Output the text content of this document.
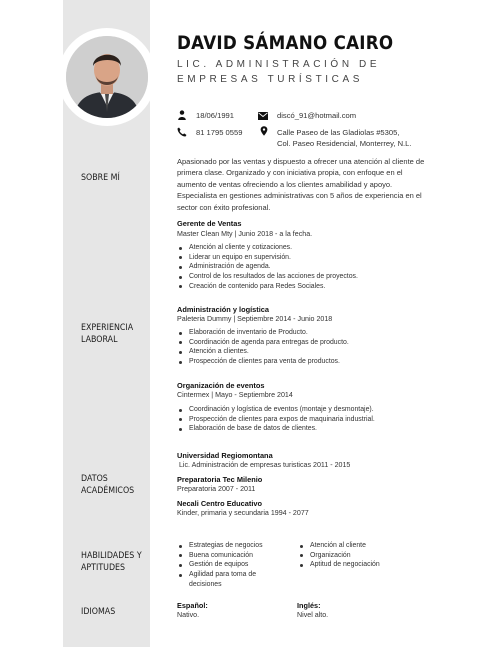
DAVID SÁMANO CAIRO
LIC. ADMINISTRACIÓN DE EMPRESAS TURÍSTICAS
18/06/1991	discó_91@hotmail.com
81 1795 0559	Calle Paseo de las Gladiolas #5305,
Col. Paseo Residencial, Monterrey, N.L.
SOBRE MÍ
EXPERIENCIA
LABORAL
DATOS
ACADÉMICOS
HABILIDADES Y
APTITUDES
IDIOMAS
Apasionado por las ventas y dispuesto a ofrecer una atención al cliente de primera clase. Organizado y con iniciativa propia, con enfoque en el aumento de ventas ofreciendo a los clientes amabilidad y apoyo. Especialista en gestiones administrativas con 5 años de experiencia en el sector con éxito profesional.
Gerente de Ventas
Master Clean Mty | Junio 2018 - a la fecha.
Atención al cliente y cotizaciones.
Liderar un equipo en supervisión.
Administración de agenda.
Control de los resultados de las acciones de proyectos.
Creación de contenido para Redes Sociales.
Administración y logística
Paleteria Dummy | Septiembre 2014 - Junio 2018
Elaboración de inventario de Producto.
Coordinación de agenda para entregas de producto.
Atención a clientes.
Prospección de clientes para venta de productos.
Organización de eventos
Cintermex | Mayo - Septiembre 2014
Coordinación y logística de eventos (montaje y desmontaje).
Prospección de clientes para expos de maquinaria industrial.
Elaboración de base de datos de clientes.
Universidad Regiomontana
Lic. Administración de empresas turisticas 2011 - 2015
Preparatoria Tec Milenio
Preparatoria 2007 - 2011
Necali Centro Educativo
Kinder, primaria y secundaria 1994 - 2077
Estrategias de negocios
Buena comunicación
Gestión de equipos
Agilidad para toma de decisiones
Atención al cliente
Organización
Aptitud de negociación
Español:
Nativo.
Inglés:
Nivel alto.
